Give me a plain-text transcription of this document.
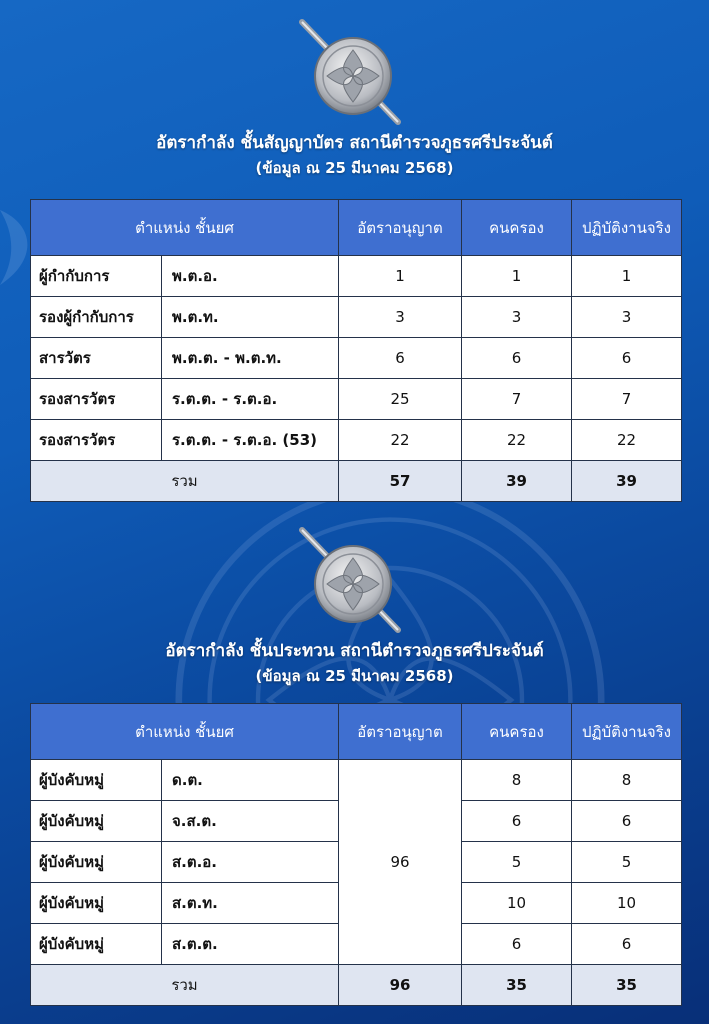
อัตรากำลัง ชั้นสัญญาบัตร สถานีตำรวจภูธรศรีประจันต์
(ข้อมูล ณ 25 มีนาคม 2568)
ตำแหน่ง ชั้นยศ		อัตราอนุญาต	คนครอง	ปฏิบัติงานจริง
ผู้กำกับการ	พ.ต.อ.	1	1	1
รองผู้กำกับการ	พ.ต.ท.	3	3	3
สารวัตร	พ.ต.ต. - พ.ต.ท.	6	6	6
รองสารวัตร	ร.ต.ต. - ร.ต.อ.	25	7	7
รองสารวัตร	ร.ต.ต. - ร.ต.อ. (53)	22	22	22
รวม		57	39	39
อัตรากำลัง ชั้นประทวน สถานีตำรวจภูธรศรีประจันต์
(ข้อมูล ณ 25 มีนาคม 2568)
ตำแหน่ง ชั้นยศ		อัตราอนุญาต	คนครอง	ปฏิบัติงานจริง
ผู้บังคับหมู่	ด.ต.	96	8	8
ผู้บังคับหมู่	จ.ส.ต.		6	6
ผู้บังคับหมู่	ส.ต.อ.		5	5
ผู้บังคับหมู่	ส.ต.ท.		10	10
ผู้บังคับหมู่	ส.ต.ต.		6	6
รวม		96	35	35
